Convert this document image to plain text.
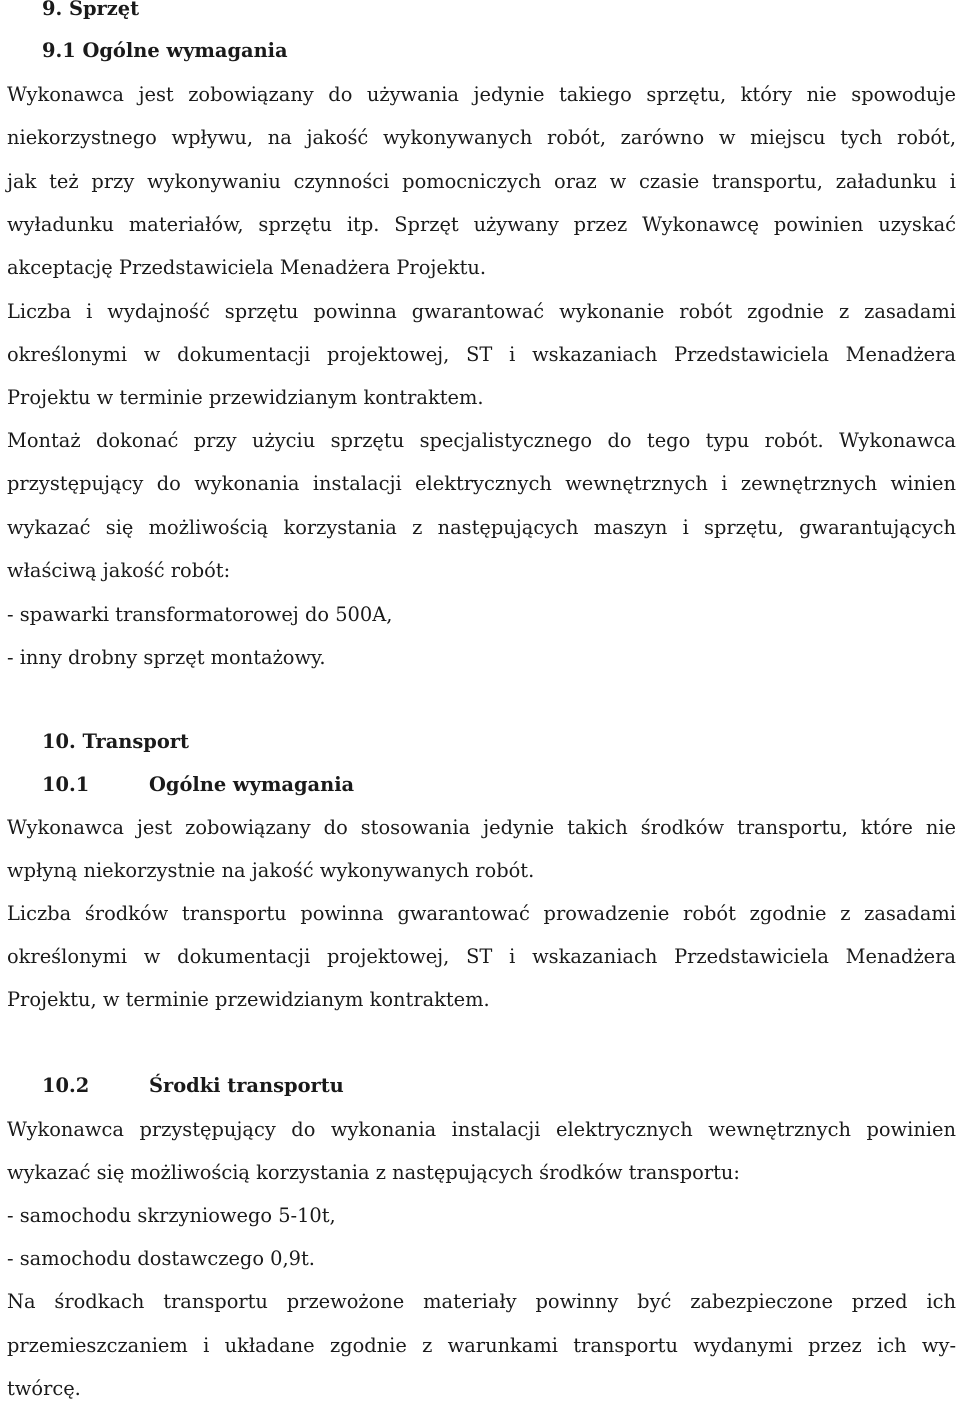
9. Sprzęt
9.1 Ogólne wymagania
Wykonawca jest zobowiązany do używania jedynie takiego sprzętu, który nie spowoduje
niekorzystnego wpływu, na jakość wykonywanych robót, zarówno w miejscu tych robót,
jak też przy wykonywaniu czynności pomocniczych oraz w czasie transportu, załadunku i
wyładunku materiałów, sprzętu itp. Sprzęt używany przez Wykonawcę powinien uzyskać
akceptację Przedstawiciela Menadżera Projektu.
Liczba i wydajność sprzętu powinna gwarantować wykonanie robót zgodnie z zasadami
określonymi w dokumentacji projektowej, ST i wskazaniach Przedstawiciela Menadżera
Projektu w terminie przewidzianym kontraktem.
Montaż dokonać przy użyciu sprzętu specjalistycznego do tego typu robót. Wykonawca
przystępujący do wykonania instalacji elektrycznych wewnętrznych i zewnętrznych winien
wykazać się możliwością korzystania z następujących maszyn i sprzętu, gwarantujących
właściwą jakość robót:
- spawarki transformatorowej do 500A,
- inny drobny sprzęt montażowy.
10. Transport
10.1	Ogólne wymagania
Wykonawca jest zobowiązany do stosowania jedynie takich środków transportu, które nie
wpłyną niekorzystnie na jakość wykonywanych robót.
Liczba środków transportu powinna gwarantować prowadzenie robót zgodnie z zasadami
określonymi w dokumentacji projektowej, ST i wskazaniach Przedstawiciela Menadżera
Projektu, w terminie przewidzianym kontraktem.
10.2	Środki transportu
Wykonawca przystępujący do wykonania instalacji elektrycznych wewnętrznych powinien
wykazać się możliwością korzystania z następujących środków transportu:
- samochodu skrzyniowego 5-10t,
- samochodu dostawczego 0,9t.
Na środkach transportu przewożone materiały powinny być zabezpieczone przed ich
przemieszczaniem i układane zgodnie z warunkami transportu wydanymi przez ich wy-
twórcę.
